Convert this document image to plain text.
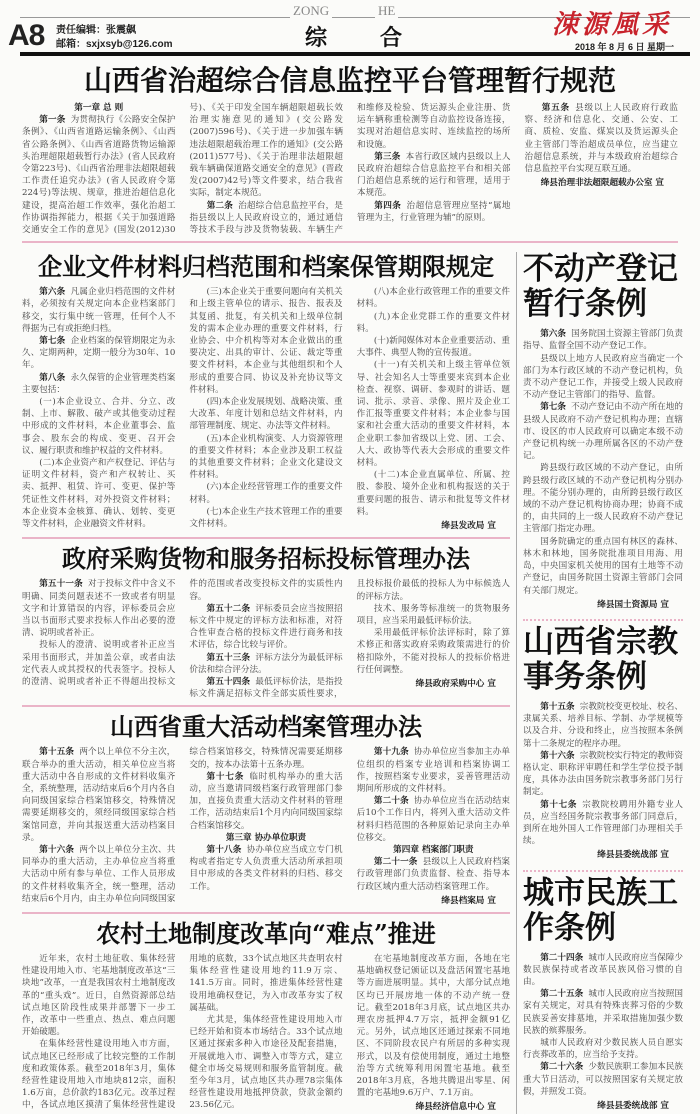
ZONG	HE
A8 责任编辑：张震飙
邮箱：sxjxsyb@126.com	综 合	涑源風采
2018 年 8 月 6 日 星期一
山西省治超综合信息监控平台管理暂行规范

第一章 总 则

第一条 为贯彻执行《公路安全保护条例》、《山西省道路运输条例》、《山西省公路条例》、《山西省道路货物运输源头治理超限超载暂行办法》(省人民政府令第223号)、《山西省治理非法超限超载工作责任追究办法》(省人民政府令第224号)等法规、规章，推进治超信息化建设，提高治超工作效率，强化治超工作协调指挥能力，根据《关于加强道路交通安全工作的意见》(国发(2012)30号)、《关于印发全国车辆超限超载长效治理实施意见的通知》(交公路发(2007)596号)、《关于进一步加强车辆违法超限超载治理工作的通知》(交公路(2011)577号)、《关于治理非法超限超载车辆确保道路交通安全的意见》(晋政发(2007)42号)等文件要求，结合我省实际，制定本规范。

第二条 治超综合信息监控平台，是指县级以上人民政府设立的，通过通信等技术手段与涉及货物装载、车辆生产和维修及检验、货运源头企业注册、货运车辆称重检测等自动监控设备连接，实现对治超信息实时、连续监控的场所和设施。

第三条 本省行政区域内县级以上人民政府治超综合信息监控平台和相关部门治超信息系统的运行和管理，适用于本规范。

第四条 治超信息管理应坚持“属地管理为主，行业管理为辅”的原则。

第五条 县级以上人民政府行政监察、经济和信息化、交通、公安、工商、质检、安监、煤炭以及货运源头企业主管部门等治超成员单位，应当建立治超信息系统，并与本级政府治超综合信息监控平台实现互联互通。

绛县治理非法超限超载办公室 宣

企业文件材料归档范围和档案保管期限规定

第六条 凡属企业归档范围的文件材料，必须按有关规定向本企业档案部门移交，实行集中统一管理，任何个人不得据为己有或拒绝归档。

第七条 企业档案的保管期限定为永久、定期两种，定期一般分为30年、10年。

第八条 永久保管的企业管理类档案主要包括：

(一)本企业设立、合并、分立、改制、上市、解散、破产或其他变动过程中形成的文件材料，本企业董事会、监事会、股东会的构成、变更、召开会议、履行职责和维护权益的文件材料。

(二)本企业资产和产权登记、评估与证明文件材料，资产和产权转让、买卖、抵押、租赁、许可、变更、保护等凭证性文件材料，对外投资文件材料；本企业资本金核算、确认、划转、变更等文件材料，企业融资文件材料。

(三)本企业关于重要问题向有关机关和上级主管单位的请示、报告、报表及其复函、批复，有关机关和上级单位制发的需本企业办理的重要文件材料，行业协会、中介机构等对本企业做出的重要决定、出具的审计、公证、裁定等重要文件材料，本企业与其他组织和个人形成的重要合同、协议及补充协议等文件材料。

(四)本企业发展规划、战略决策、重大改革、年度计划和总结文件材料，内部管理制度、规定、办法等文件材料。

(五)本企业机构演变、人力资源管理的重要文件材料；本企业涉及职工权益的其他重要文件材料；企业文化建设文件材料。

(六)本企业经营管理工作的重要文件材料。

(七)本企业生产技术管理工作的重要文件材料。

(八)本企业行政管理工作的重要文件材料。

(九)本企业党群工作的重要文件材料。

(十)新闻媒体对本企业重要活动、重大事件、典型人物的宣传报道。

(十一)有关机关和上级主管单位领导、社会知名人士等重要来宾到本企业检查、视察、调研、参观时的讲话、题词、批示、录音、录像、照片及企业工作汇报等重要文件材料；本企业参与国家和社会重大活动的重要文件材料，本企业职工参加省级以上党、团、工会、人大、政协等代表大会形成的重要文件材料。

(十二)本企业直属单位、所属、控股、参股、境外企业和机构报送的关于重要问题的报告、请示和批复等文件材料。

绛县发改局 宣

政府采购货物和服务招标投标管理办法

第五十一条 对于投标文件中含义不明确、同类问题表述不一致或者有明显文字和计算错误的内容，评标委员会应当以书面形式要求投标人作出必要的澄清、说明或者补正。

投标人的澄清、说明或者补正应当采用书面形式，并加盖公章，或者由法定代表人或其授权的代表签字。投标人的澄清、说明或者补正不得超出投标文件的范围或者改变投标文件的实质性内容。

第五十二条 评标委员会应当按照招标文件中规定的评标方法和标准，对符合性审查合格的投标文件进行商务和技术评估，综合比较与评价。

第五十三条 评标方法分为最低评标价法和综合评分法。

第五十四条 最低评标价法，是指投标文件满足招标文件全部实质性要求，且投标报价最低的投标人为中标候选人的评标方法。

技术、服务等标准统一的货物服务项目，应当采用最低评标价法。

采用最低评标价法评标时，除了算术修正和落实政府采购政策需进行的价格扣除外，不能对投标人的投标价格进行任何调整。

绛县政府采购中心 宣

山西省重大活动档案管理办法

第十五条 两个以上单位不分主次，联合举办的重大活动，相关单位应当将重大活动中各自形成的文件材料收集齐全，系统整理，活动结束后6个月内各自向同级国家综合档案馆移交，特殊情况需要延期移交的，须经同级国家综合档案馆同意，并向其报送重大活动档案目录。

第十六条 两个以上单位分主次、共同举办的重大活动，主办单位应当将重大活动中所有参与单位、工作人员形成的文件材料收集齐全，统一整理，活动结束后6个月内，由主办单位向同级国家综合档案馆移交，特殊情况需要延期移交的，按本办法第十五条办理。

第十七条 临时机构举办的重大活动，应当邀请同级档案行政管理部门参加，直接负责重大活动文件材料的管理工作，活动结束后1个月内向同级国家综合档案馆移交。

第三章 协办单位职责

第十八条 协办单位应当成立专门机构或者指定专人负责重大活动所承担项目中形成的各类文件材料的归档、移交工作。

第十九条 协办单位应当参加主办单位组织的档案专业培训和档案协调工作，按照档案专业要求，妥善管理活动期间所形成的文件材料。

第二十条 协办单位应当在活动结束后10个工作日内，将列入重大活动文件材料归档范围的各种原始记录向主办单位移交。

第四章 档案部门职责

第二十一条 县级以上人民政府档案行政管理部门负责监督、检查、指导本行政区域内重大活动档案管理工作。

绛县档案局 宣

农村土地制度改革向“难点”推进

近年来，农村土地征收、集体经营性建设用地入市、宅基地制度改革这“三块地”改革，一直是我国农村土地制度改革的“重头戏”。近日，自然资源部总结试点地区阶段性成果并部署下一步工作，改革中一些重点、热点、难点问题开始破题。

在集体经营性建设用地入市方面，试点地区已经形成了比较完整的工作制度和政策体系。截至2018年3月，集体经营性建设用地入市地块812宗，面积1.6万亩，总价款约183亿元。改革过程中，各试点地区摸清了集体经营性建设用地的底数，33个试点地区共查明农村集体经营性建设用地约11.9万宗、141.5万亩。同时，推进集体经营性建设用地确权登记，为入市改革夯实了权属基础。

尤其是，集体经营性建设用地入市已经开始和资本市场结合。33个试点地区通过探索多种入市途径及配套措施，开展就地入市、调整入市等方式，建立健全市场交易规则和服务监管制度。截至今年3月，试点地区共办理78宗集体经营性建设用地抵押贷款，贷款金额约23.56亿元。

在宅基地制度改革方面，各地在宅基地确权登记颁证以及盘活闲置宅基地等方面进展明显。其中，大部分试点地区均已开展房地一体的不动产统一登记。截至2018年3月底，试点地区共办理农房抵押4.7万宗，抵押金额91亿元。另外，试点地区还通过探索不同地区、不同阶段农民户有所居的多种实现形式，以及有偿使用制度，通过土地整治等方式统筹利用闲置宅基地。截至2018年3月底，各地共腾退出零星、闲置的宅基地9.6万户、7.1万亩。

绛县经济信息中心 宣

不动产登记暂行条例

第六条 国务院国土资源主管部门负责指导、监督全国不动产登记工作。

县级以上地方人民政府应当确定一个部门为本行政区域的不动产登记机构，负责不动产登记工作，并接受上级人民政府不动产登记主管部门的指导、监督。

第七条 不动产登记由不动产所在地的县级人民政府不动产登记机构办理；直辖市、设区的市人民政府可以确定本级不动产登记机构统一办理所属各区的不动产登记。

跨县级行政区域的不动产登记，由所跨县级行政区域的不动产登记机构分别办理。不能分别办理的，由所跨县级行政区域的不动产登记机构协商办理；协商不成的，由共同的上一级人民政府不动产登记主管部门指定办理。

国务院确定的重点国有林区的森林、林木和林地，国务院批准项目用海、用岛，中央国家机关使用的国有土地等不动产登记，由国务院国土资源主管部门会同有关部门规定。

绛县国土资源局 宣

山西省宗教事务条例

第十五条 宗教院校变更校址、校名、隶属关系、培养目标、学制、办学规模等以及合并、分设和终止，应当按照本条例第十二条规定的程序办理。

第十六条 宗教院校实行特定的教师资格认定、职称评审聘任和学生学位授予制度，具体办法由国务院宗教事务部门另行制定。

第十七条 宗教院校聘用外籍专业人员，应当经国务院宗教事务部门同意后，到所在地外国人工作管理部门办理相关手续。

绛县县委统战部 宣

城市民族工作条例

第二十四条 城市人民政府应当保障少数民族保持或者改革民族风俗习惯的自由。

第二十五条 城市人民政府应当按照国家有关规定，对具有特殊丧葬习俗的少数民族妥善安排墓地，并采取措施加强少数民族的殡葬服务。

城市人民政府对少数民族人员自愿实行丧葬改革的，应当给予支持。

第二十六条 少数民族职工参加本民族重大节日活动，可以按照国家有关规定放假，并照发工资。

绛县县委统战部 宣
